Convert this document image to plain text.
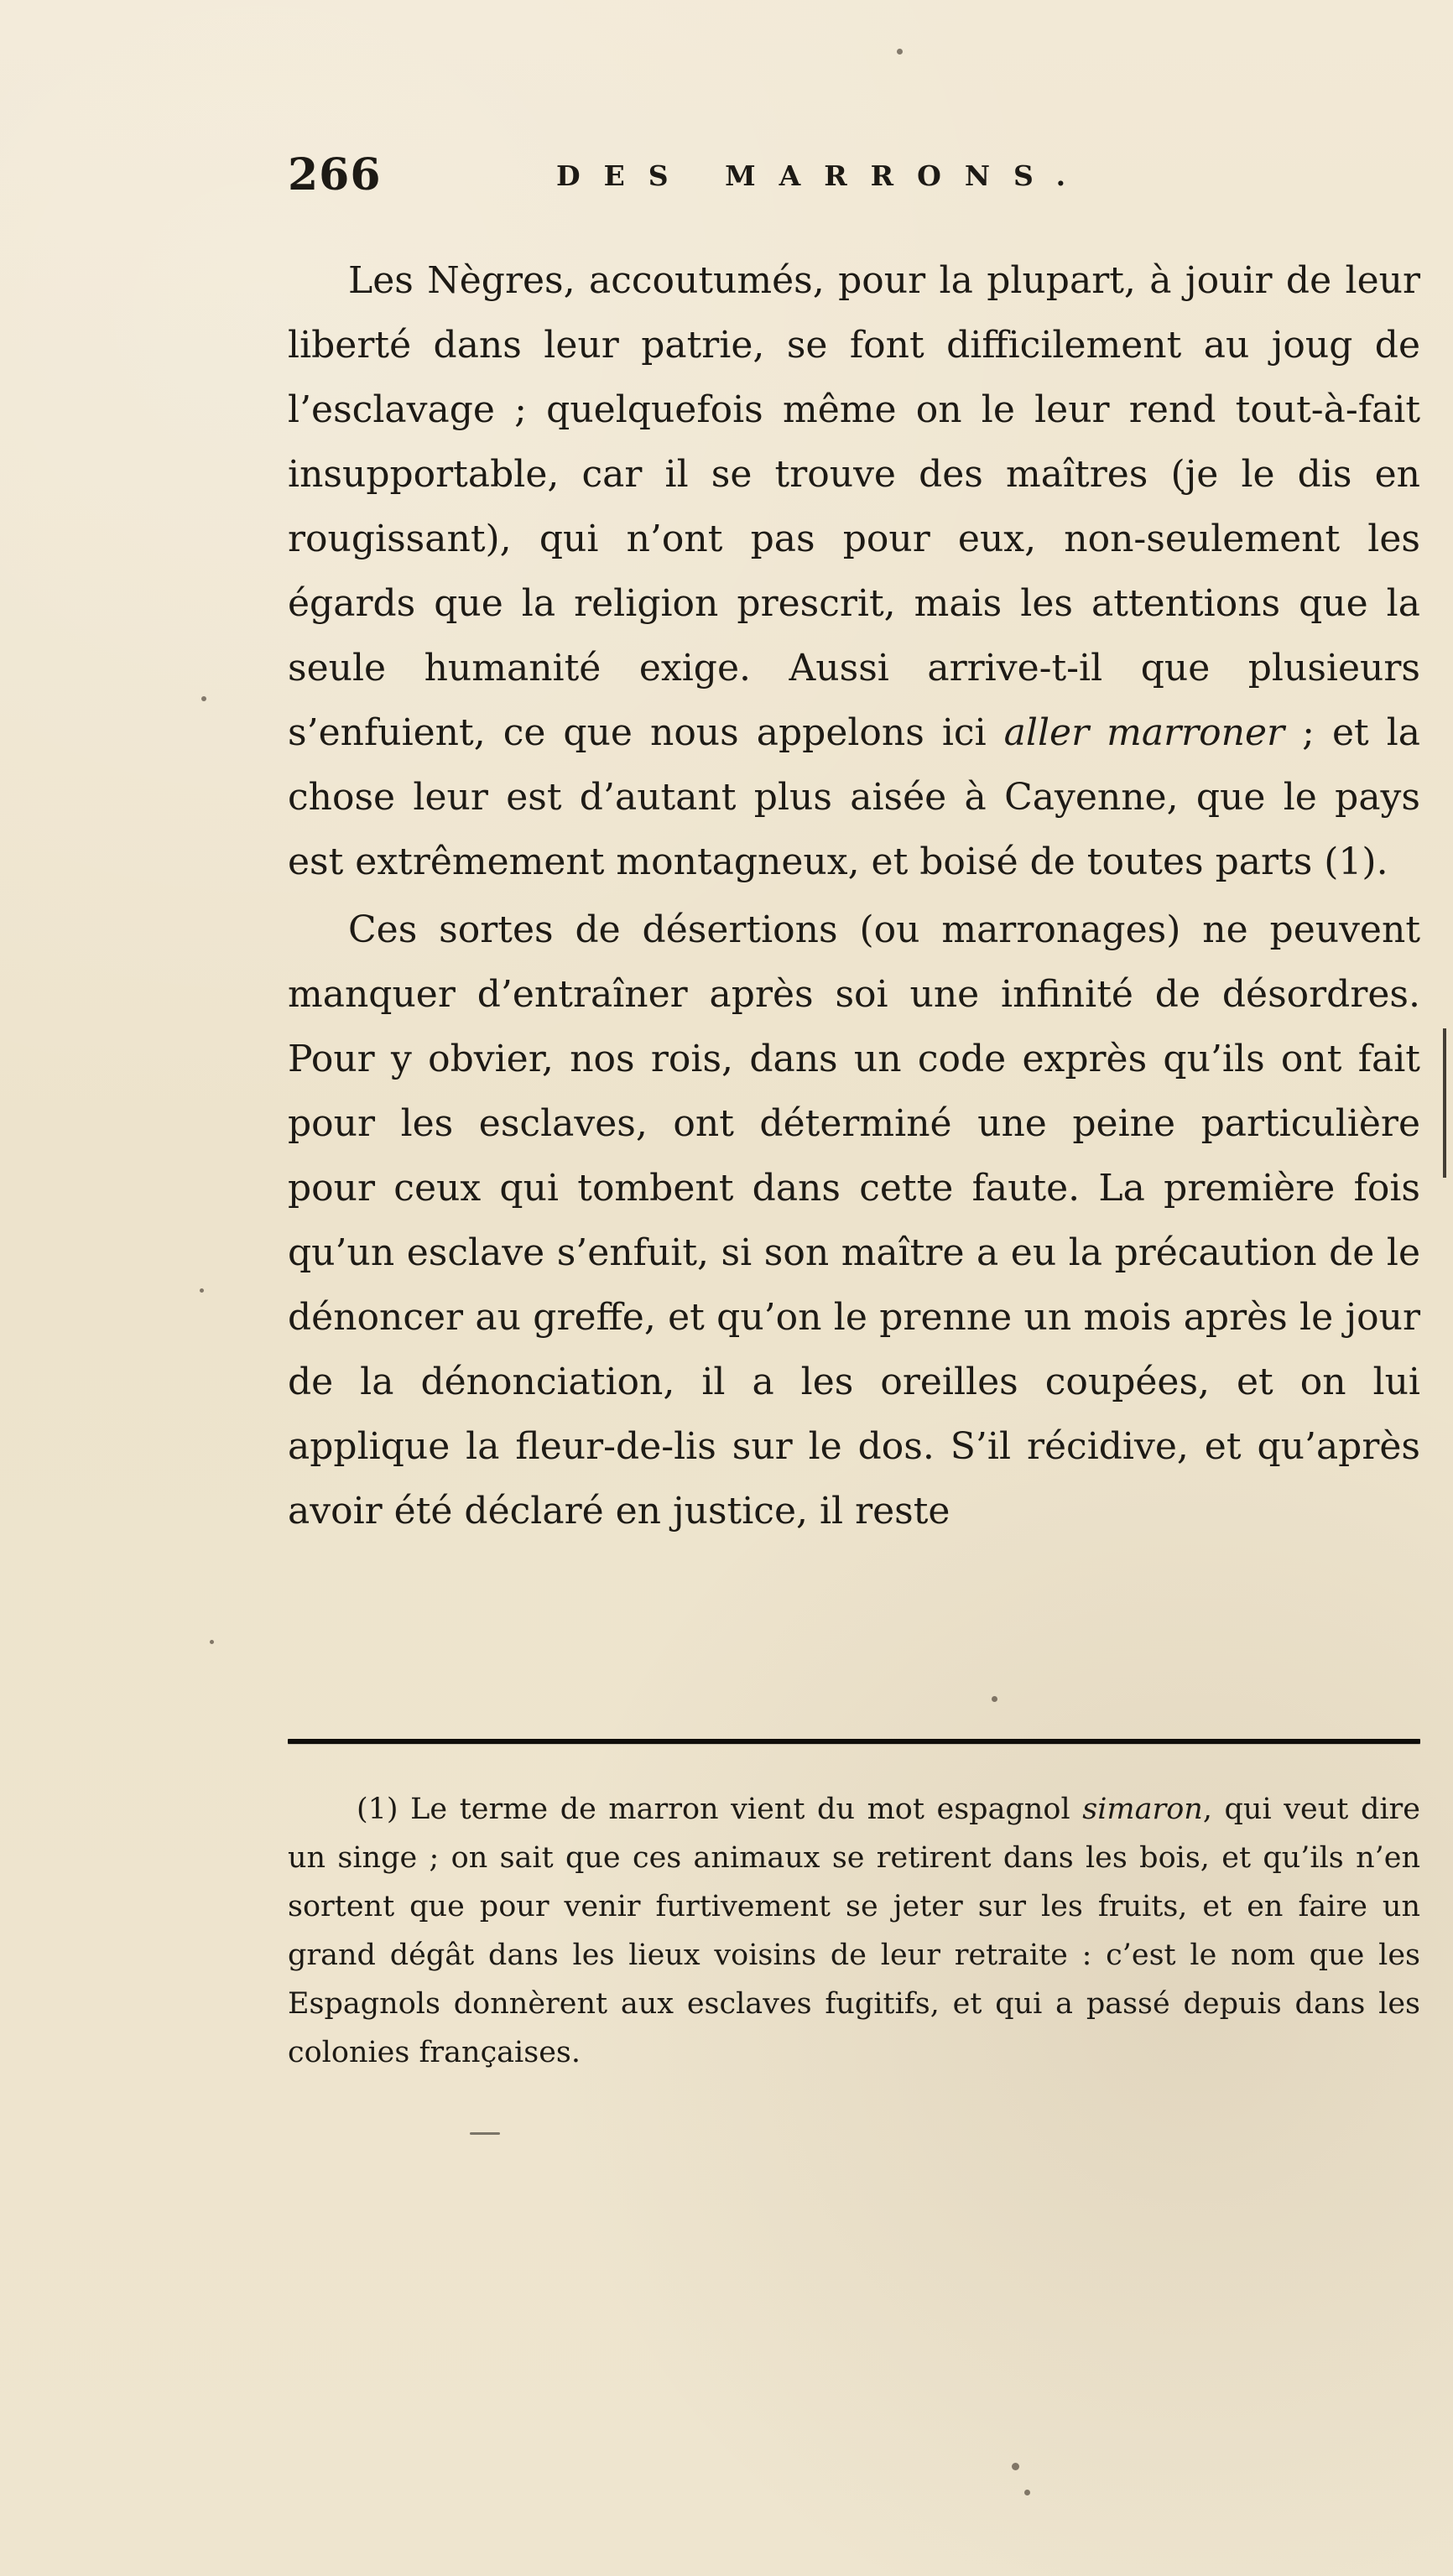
266	DES MARRONS.

Les Nègres, accoutumés, pour la plupart, à jouir de leur liberté dans leur patrie, se font difficilement au joug de l’esclavage ; quelquefois même on le leur rend tout-à-fait insupportable, car il se trouve des maîtres (je le dis en rougissant), qui n’ont pas pour eux, non-seulement les égards que la religion prescrit, mais les attentions que la seule humanité exige. Aussi arrive-t-il que plusieurs s’enfuient, ce que nous appelons ici aller marroner ; et la chose leur est d’autant plus aisée à Cayenne, que le pays est extrêmement montagneux, et boisé de toutes parts (1).

Ces sortes de désertions (ou marronages) ne peuvent manquer d’entraîner après soi une infinité de désordres. Pour y obvier, nos rois, dans un code exprès qu’ils ont fait pour les esclaves, ont déterminé une peine particulière pour ceux qui tombent dans cette faute. La première fois qu’un esclave s’enfuit, si son maître a eu la précaution de le dénoncer au greffe, et qu’on le prenne un mois après le jour de la dénonciation, il a les oreilles coupées, et on lui applique la fleur-de-lis sur le dos. S’il récidive, et qu’après avoir été déclaré en justice, il reste

(1) Le terme de marron vient du mot espagnol simaron, qui veut dire un singe ; on sait que ces animaux se retirent dans les bois, et qu’ils n’en sortent que pour venir furtivement se jeter sur les fruits, et en faire un grand dégât dans les lieux voisins de leur retraite : c’est le nom que les Espagnols donnèrent aux esclaves fugitifs, et qui a passé depuis dans les colonies françaises.
